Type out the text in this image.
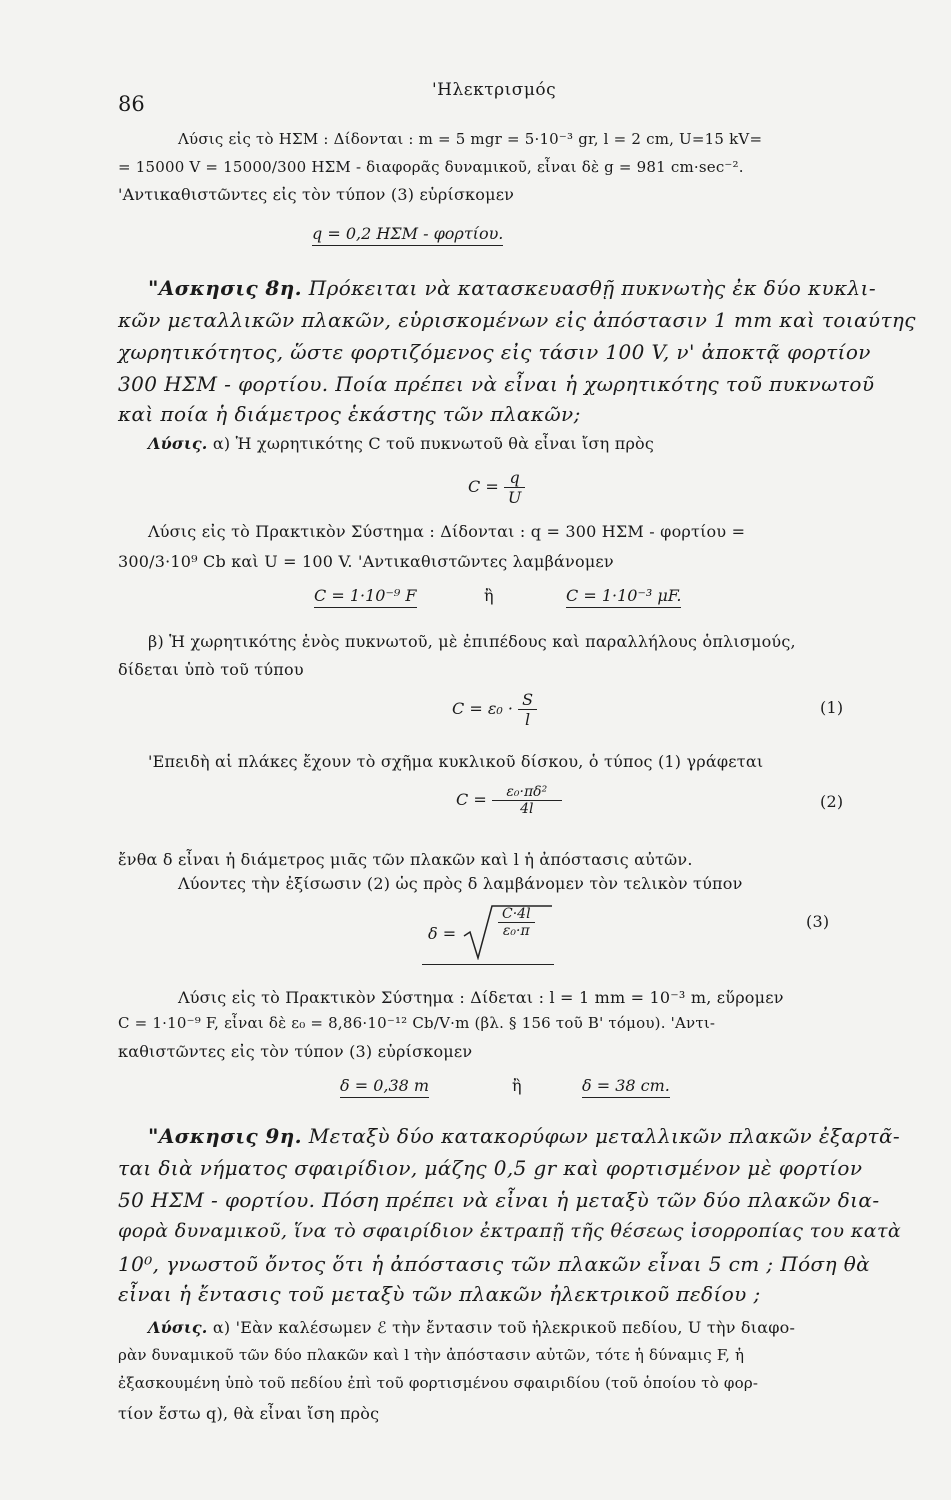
86
'Ηλεκτρισμός
Λύσις εἰς τὸ ΗΣΜ : Δίδονται : m = 5 mgr = 5·10⁻³ gr, l = 2 cm, U=15 kV=
= 15000 V = 15000/300 ΗΣΜ - διαφορᾶς δυναμικοῦ, εἶναι δὲ g = 981 cm·sec⁻².
'Αντικαθιστῶντες εἰς τὸν τύπον (3) εὑρίσκομεν
q = 0,2 ΗΣΜ - φορτίου.
"Ασκησις 8η. Πρόκειται νὰ κατασκευασθῇ πυκνωτὴς ἐκ δύο κυκλι-
κῶν μεταλλικῶν πλακῶν, εὑρισκομένων εἰς ἀπόστασιν 1 mm καὶ τοιαύτης
χωρητικότητος, ὥστε φορτιζόμενος εἰς τάσιν 100 V, ν' ἀποκτᾷ φορτίον
300 ΗΣΜ - φορτίου. Ποία πρέπει νὰ εἶναι ἡ χωρητικότης τοῦ πυκνωτοῦ
καὶ ποία ἡ διάμετρος ἑκάστης τῶν πλακῶν;
Λύσις. α) Ἡ χωρητικότης C τοῦ πυκνωτοῦ θὰ εἶναι ἴση πρὸς
$C = \frac{q}{U}$
Λύσις εἰς τὸ Πρακτικὸν Σύστημα : Δίδονται : q = 300 ΗΣΜ - φορτίου =
300/3·10⁹ Cb καὶ U = 100 V. 'Αντικαθιστῶντες λαμβάνομεν
C = 1·10⁻⁹ F	ἢ	C = 1·10⁻³ μF.
β) Ἡ χωρητικότης ἑνὸς πυκνωτοῦ, μὲ ἐπιπέδους καὶ παραλλήλους ὁπλισμούς,
δίδεται ὑπὸ τοῦ τύπου
$C = \varepsilon_0 \cdot \frac{S}{l}$	(1)
'Επειδὴ αἱ πλάκες ἔχουν τὸ σχῆμα κυκλικοῦ δίσκου, ὁ τύπος (1) γράφεται
$C = \frac{\text{ε₀·πδ²}}{4l}$	(2)
ἔνθα δ εἶναι ἡ διάμετρος μιᾶς τῶν πλακῶν καὶ l ἡ ἀπόστασις αὐτῶν.
Λύοντες τὴν ἐξίσωσιν (2) ὡς πρὸς δ λαμβάνομεν τὸν τελικὸν τύπον
δ =	$\frac{C\cdot 4l}{\text{ε₀·π}}$	(3)
Λύσις εἰς τὸ Πρακτικὸν Σύστημα : Δίδεται : l = 1 mm = 10⁻³ m, εὕρομεν
C = 1·10⁻⁹ F, εἶναι δὲ ε₀ = 8,86·10⁻¹² Cb/V·m (βλ. § 156 τοῦ Β' τόμου). 'Αντι-
καθιστῶντες εἰς τὸν τύπον (3) εὑρίσκομεν
δ = 0,38 m	ἢ	δ = 38 cm.
"Ασκησις 9η. Μεταξὺ δύο κατακορύφων μεταλλικῶν πλακῶν ἐξαρτᾶ-
ται διὰ νήματος σφαιρίδιον, μάζης 0,5 gr καὶ φορτισμένον μὲ φορτίον
50 ΗΣΜ - φορτίου. Πόση πρέπει νὰ εἶναι ἡ μεταξὺ τῶν δύο πλακῶν δια-
φορὰ δυναμικοῦ, ἵνα τὸ σφαιρίδιον ἐκτραπῇ τῆς θέσεως ἰσορροπίας του κατὰ
10⁰, γνωστοῦ ὄντος ὅτι ἡ ἀπόστασις τῶν πλακῶν εἶναι 5 cm ; Πόση θὰ
εἶναι ἡ ἔντασις τοῦ μεταξὺ τῶν πλακῶν ἠλεκτρικοῦ πεδίου ;
Λύσις. α) 'Εὰν καλέσωμεν ℰ τὴν ἔντασιν τοῦ ἠλεκρικοῦ πεδίου, U τὴν διαφο-
ρὰν δυναμικοῦ τῶν δύο πλακῶν καὶ l τὴν ἀπόστασιν αὐτῶν, τότε ἡ δύναμις F, ἡ
ἐξασκουμένη ὑπὸ τοῦ πεδίου ἐπὶ τοῦ φορτισμένου σφαιριδίου (τοῦ ὁποίου τὸ φορ-
τίον ἔστω q), θὰ εἶναι ἴση πρὸς
